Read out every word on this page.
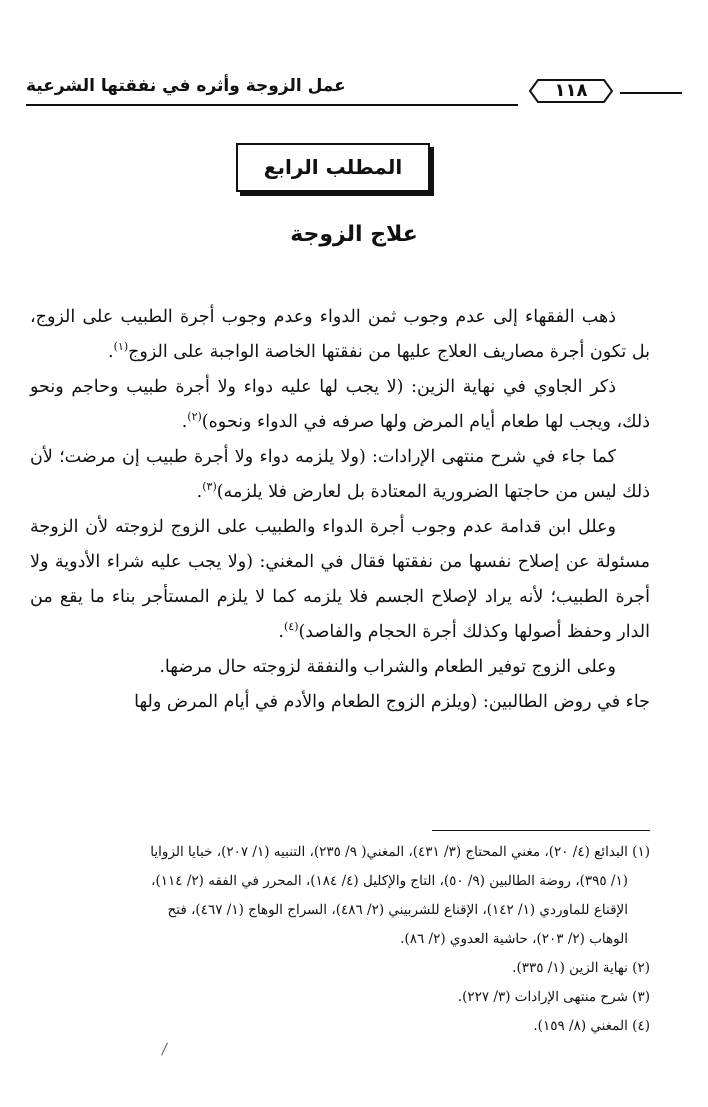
عمل الزوجة وأثره في نفقتها الشرعية	١١٨
المطلب الرابع
علاج الزوجة

ذهب الفقهاء إلى عدم وجوب ثمن الدواء وعدم وجوب أجرة الطبيب على الزوج، بل تكون أجرة مصاريف العلاج عليها من نفقتها الخاصة الواجبة على الزوج$^{(١)}$.

ذكر الجاوي في نهاية الزين: (لا يجب لها عليه دواء ولا أجرة طبيب وحاجم ونحو ذلك، ويجب لها طعام أيام المرض ولها صرفه في الدواء ونحوه)$^{(٢)}$.

كما جاء في شرح منتهى الإرادات: (ولا يلزمه دواء ولا أجرة طبيب إن مرضت؛ لأن ذلك ليس من حاجتها الضرورية المعتادة بل لعارض فلا يلزمه)$^{(٣)}$.

وعلل ابن قدامة عدم وجوب أجرة الدواء والطبيب على الزوج لزوجته لأن الزوجة مسئولة عن إصلاح نفسها من نفقتها فقال في المغني: (ولا يجب عليه شراء الأدوية ولا أجرة الطبيب؛ لأنه يراد لإصلاح الجسم فلا يلزمه كما لا يلزم المستأجر بناء ما يقع من الدار وحفظ أصولها وكذلك أجرة الحجام والفاصد)$^{(٤)}$.

وعلى الزوج توفير الطعام والشراب والنفقة لزوجته حال مرضها.

جاء في روض الطالبين: (ويلزم الزوج الطعام والأدم في أيام المرض ولها

(١) البدائع (٤/ ٢٠)، مغني المحتاج (٣/ ٤٣١)، المغني( ٩/ ٢٣٥)، التنبيه (١/ ٢٠٧)، خبايا الزوايا

(١/ ٣٩٥)، روضة الطالبين (٩/ ٥٠)، التاج والإكليل (٤/ ١٨٤)، المحرر في الفقه (٢/ ١١٤)،

الإقناع للماوردي (١/ ١٤٢)، الإقناع للشربيني (٢/ ٤٨٦)، السراج الوهاج (١/ ٤٦٧)، فتح

الوهاب (٢/ ٢٠٣)، حاشية العدوي (٢/ ٨٦).

(٢) نهاية الزين (١/ ٣٣٥).

(٣) شرح منتهى الإرادات (٣/ ٢٢٧).

(٤) المغني (٨/ ١٥٩).
